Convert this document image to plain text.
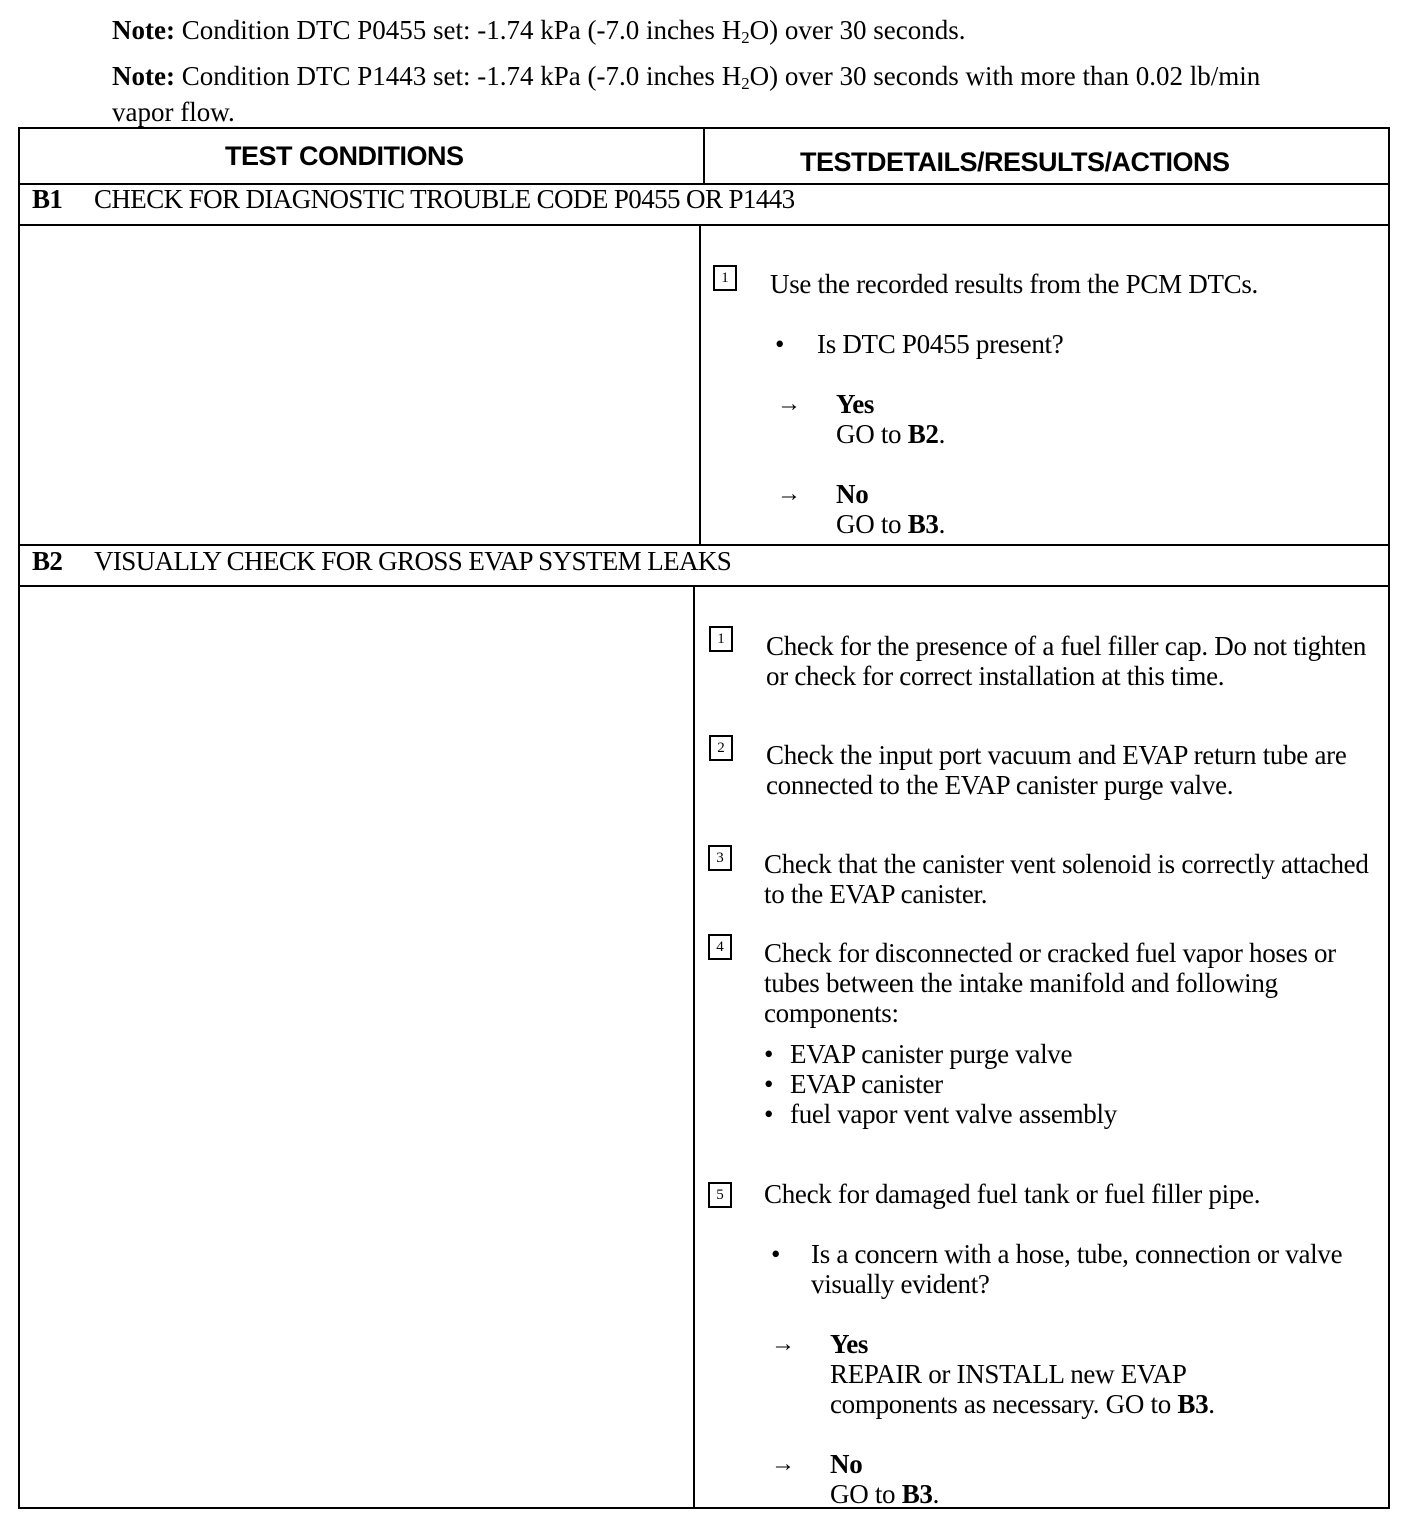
Note: Condition DTC P0455 set: -1.74 kPa (-7.0 inches $H_2O$) over 30 seconds.
Note: Condition DTC P1443 set: -1.74 kPa (-7.0 inches $H_2O$) over 30 seconds with more than 0.02 lb/min vapor flow.
TEST CONDITIONS	TESTDETAILS/RESULTS/ACTIONS
B1 CHECK FOR DIAGNOSTIC TROUBLE CODE P0455 OR P1443
1	Use the recorded results from the PCM DTCs.
• Is DTC P0455 present?
→ Yes
GO to B2.
→ No
GO to B3.
B2 VISUALLY CHECK FOR GROSS EVAP SYSTEM LEAKS
1	Check for the presence of a fuel filler cap. Do not tighten or check for correct installation at this time.
2	Check the input port vacuum and EVAP return tube are connected to the EVAP canister purge valve.
3	Check that the canister vent solenoid is correctly attached to the EVAP canister.
4	Check for disconnected or cracked fuel vapor hoses or tubes between the intake manifold and following components:
• EVAP canister purge valve
• EVAP canister
• fuel vapor vent valve assembly
5	Check for damaged fuel tank or fuel filler pipe.
• Is a concern with a hose, tube, connection or valve visually evident?
→ Yes
REPAIR or INSTALL new EVAP components as necessary. GO to B3.
→ No
GO to B3.
